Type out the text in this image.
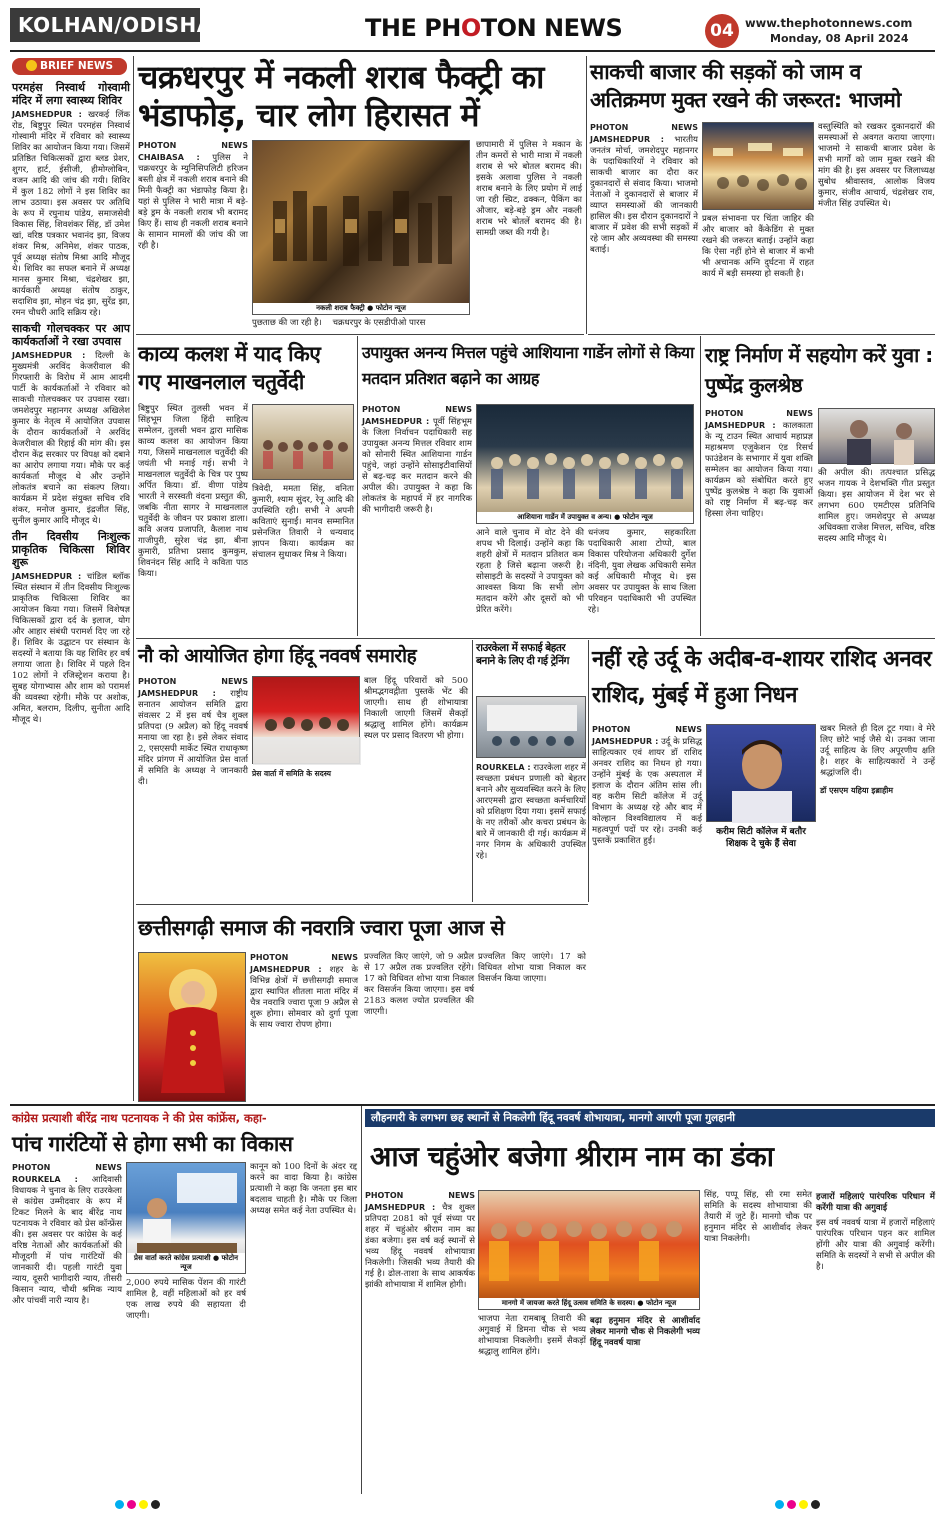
KOLHAN/ODISHA	THE PHOTON NEWS	04 www.thephotonnews.com
Monday, 08 April 2024
BRIEF NEWS
परमहंस निस्वार्थ गोस्वामी मंदिर में लगा स्वास्थ्य शिविर

JAMSHEDPUR : खरकई लिंक रोड, बिष्टुपुर स्थित परमहंस निस्वार्थ गोस्वामी मंदिर में रविवार को स्वास्थ्य शिविर का आयोजन किया गया। जिसमें प्रतिष्ठित चिकित्सकों द्वारा ब्लड प्रेशर, शुगर, हार्ट, ईसीजी, हीमोग्लोबिन, वजन आदि की जांच की गयी। शिविर में कुल 182 लोगों ने इस शिविर का लाभ उठाया। इस अवसर पर अतिथि के रूप में रघुनाथ पांडेय, समाजसेवी विकास सिंह, शिवशंकर सिंह, डॉ उमेश खां, वरिष्ठ पत्रकार भवानंद झा, विजय शंकर मिश्र, अनिमेश, शंकर पाठक, पूर्व अध्यक्ष संतोष मिश्रा आदि मौजूद थे। शिविर का सफल बनाने में अध्यक्ष मानस कुमार मिश्रा, चंद्रशेखर झा, कार्यकारी अध्यक्ष संतोष ठाकुर, सदाशिव झा, मोहन चंद्र झा, सुरेंद्र झा, रमन चौधरी आदि सक्रिय रहे।

साकची गोलचक्कर पर आप कार्यकर्ताओं ने रखा उपवास

JAMSHEDPUR : दिल्ली के मुख्यमंत्री अरविंद केजरीवाल की गिरफ्तारी के विरोध में आम आदमी पार्टी के कार्यकर्ताओं ने रविवार को साकची गोलचक्कर पर उपवास रखा। जमशेदपुर महानगर अध्यक्ष अखिलेश कुमार के नेतृत्व में आयोजित उपवास के दौरान कार्यकर्ताओं ने अरविंद केजरीवाल की रिहाई की मांग की। इस दौरान केंद्र सरकार पर विपक्ष को दबाने का आरोप लगाया गया। मौके पर कई कार्यकर्ता मौजूद थे और उन्होंने लोकतंत्र बचाने का संकल्प लिया। कार्यक्रम में प्रदेश संयुक्त सचिव रवि शंकर, मनोज कुमार, इंद्रजीत सिंह, सुनील कुमार आदि मौजूद थे।

तीन दिवसीय निःशुल्क प्राकृतिक चिकित्सा शिविर शुरू

JAMSHEDPUR : चांडिल ब्लॉक स्थित संस्थान में तीन दिवसीय निःशुल्क प्राकृतिक चिकित्सा शिविर का आयोजन किया गया। जिसमें विशेषज्ञ चिकित्सकों द्वारा दर्द के इलाज, योग और आहार संबंधी परामर्श दिए जा रहे हैं। शिविर के उद्घाटन पर संस्थान के सदस्यों ने बताया कि यह शिविर हर वर्ष लगाया जाता है। शिविर में पहले दिन 102 लोगों ने रजिस्ट्रेशन कराया है। सुबह योगाभ्यास और शाम को परामर्श की व्यवस्था रहेगी। मौके पर अशोक, अमित, बलराम, दिलीप, सुनीता आदि मौजूद थे।

चक्रधरपुर में नकली शराब फैक्ट्री का भंडाफोड़, चार लोग हिरासत में

PHOTON NEWS CHAIBASA : पुलिस ने चक्रधरपुर के म्युनिसिपलिटी हरिजन बस्ती क्षेत्र में नकली शराब बनाने की मिनी फैक्ट्री का भंडाफोड़ किया है। यहां से पुलिस ने भारी मात्रा में बड़े-बड़े ड्रम के नकली शराब भी बरामद किए हैं। साथ ही नकली शराब बनाने के सामान मामलों की जांच की जा रही है।

नकली शराब फैक्ट्री ● फोटोन न्यूज

पुछताछ की जा रही है।    चक्रधरपुर के एसडीपीओ पारस

छापामारी में पुलिस ने मकान के तीन कमरों से भारी मात्रा में नकली शराब से भरे बोतल बरामद की। इसके अलावा पुलिस ने नकली शराब बनाने के लिए प्रयोग में लाई जा रही स्प्रिट, ढक्कन, पैकिंग का औजार, बड़े-बड़े ड्रम और नकली शराब भरे बोतलें बरामद की है। सामग्री जब्त की गयी है।

साकची बाजार की सड़कों को जाम व अतिक्रमण मुक्त रखने की जरूरत: भाजमो

PHOTON NEWS JAMSHEDPUR : भारतीय जनतंत्र मोर्चा, जमशेदपुर महानगर के पदाधिकारियों ने रविवार को साकची बाजार का दौरा कर दुकानदारों से संवाद किया। भाजमो नेताओं ने दुकानदारों से बाजार में व्याप्त समस्याओं की जानकारी हासिल की। इस दौरान दुकानदारों ने बाजार में प्रवेश की सभी सड़कों में रहे जाम और अव्यवस्था की समस्या बताई।

प्रबल संभावना पर चिंता जाहिर की और बाजार को कैंकेडिंग से मुक्त रखने की जरूरत बताई। उन्होंने कहा कि ऐसा नहीं होने से बाजार में कभी भी अचानक अग्नि दुर्घटना में राहत कार्य में बड़ी समस्या हो सकती है।

वस्तुस्थिति को रखकर दुकानदारों की समस्याओं से अवगत कराया जाएगा। भाजमो ने साकची बाजार प्रवेश के सभी मार्गों को जाम मुक्त रखने की मांग की है। इस अवसर पर जिलाध्यक्ष सुबोध श्रीवास्तव, आलोक विजय कुमार, संजीव आचार्य, चंद्रशेखर राव, मंजीत सिंह उपस्थित थे।

काव्य कलश में याद किए गए माखनलाल चतुर्वेदी

बिष्टुपुर स्थित तुलसी भवन में सिंहभूम जिला हिंदी साहित्य सम्मेलन, तुलसी भवन द्वारा मासिक काव्य कलश का आयोजन किया गया, जिसमें माखनलाल चतुर्वेदी की जयंती भी मनाई गई। सभी ने माखनलाल चतुर्वेदी के चित्र पर पुष्प अर्पित किया। डॉ. वीणा पांडेय भारती ने सरस्वती वंदना प्रस्तुत की, जबकि नीता सागर ने माखनलाल चतुर्वेदी के जीवन पर प्रकाश डाला। कवि अजय प्रजापति, कैलाश नाथ गाजीपुरी, सुरेश चंद्र झा, बीना कुमारी, प्रतिभा प्रसाद कुमकुम, शिवनंदन सिंह आदि ने कविता पाठ किया।

त्रिवेदी, ममता सिंह, वनिता कुमारी, श्याम सुंदर, रेनू आदि की उपस्थिति रही। सभी ने अपनी कविताएं सुनाईं। मानव सम्मानित प्रसेनजित तिवारी ने धन्यवाद ज्ञापन किया। कार्यक्रम का संचालन सुधाकर मिश्र ने किया।

उपायुक्त अनन्य मित्तल पहुंचे आशियाना गार्डेन लोगों से किया मतदान प्रतिशत बढ़ाने का आग्रह

PHOTON NEWS JAMSHEDPUR : पूर्वी सिंहभूम के जिला निर्वाचन पदाधिकारी सह उपायुक्त अनन्य मित्तल रविवार शाम को सोनारी स्थित आशियाना गार्डन पहुंचे, जहां उन्होंने सोसाइटीवासियों से बढ़-चढ़ कर मतदान करने की अपील की। उपायुक्त ने कहा कि लोकतंत्र के महापर्व में हर नागरिक की भागीदारी जरूरी है।

आशियाना गार्डेन में उपायुक्त व अन्य। ● फोटोन न्यूज

आने वाले चुनाव में वोट देने की शपथ भी दिलाई। उन्होंने कहा कि शहरी क्षेत्रों में मतदान प्रतिशत कम रहता है जिसे बढ़ाना जरूरी है। सोसाइटी के सदस्यों ने उपायुक्त को आश्वस्त किया कि सभी लोग मतदान करेंगे और दूसरों को भी प्रेरित करेंगे।

धनंजय कुमार, सहकारिता पदाधिकारी आशा टोप्पो, बाल विकास परियोजना अधिकारी दुर्गेश नंदिनी, युवा लेखक अधिकारी समेत कई अधिकारी मौजूद थे। इस अवसर पर उपायुक्त के साथ जिला परिवहन पदाधिकारी भी उपस्थित रहे।

राष्ट्र निर्माण में सहयोग करें युवा : पुष्पेंद्र कुलश्रेष्ठ

PHOTON NEWS JAMSHEDPUR : कालकाता के न्यू टाउन स्थित आचार्य महाप्रज्ञ महाश्रमण एजुकेशन एंड रिसर्च फाउंडेशन के सभागार में युवा शक्ति सम्मेलन का आयोजन किया गया। कार्यक्रम को संबोधित करते हुए पुष्पेंद्र कुलश्रेष्ठ ने कहा कि युवाओं को राष्ट्र निर्माण में बढ़-चढ़ कर हिस्सा लेना चाहिए।

की अपील की। तत्पश्चात प्रसिद्ध भजन गायक ने देशभक्ति गीत प्रस्तुत किया। इस आयोजन में देश भर से लगभग 600 एमटीएस प्रतिनिधि शामिल हुए। जमशेदपुर से अध्यक्ष अधिवक्ता राजेश मित्तल, सचिव, वरिष्ठ सदस्य आदि मौजूद थे।

नौ को आयोजित होगा हिंदू नववर्ष समारोह

PHOTON NEWS JAMSHEDPUR : राष्ट्रीय सनातन आयोजन समिति द्वारा संवत्सर 2 में इस वर्ष चैत्र शुक्ल प्रतिपदा (9 अप्रैल) को हिंदू नववर्ष मनाया जा रहा है। इसे लेकर संवाद 2, एसएसपी मार्केट स्थित राधाकृष्ण मंदिर प्रांगण में आयोजित प्रेस वार्ता में समिति के अध्यक्ष ने जानकारी दी।

प्रेस वार्ता में समिति के सदस्य

बाल हिंदू परिवारों को 500 श्रीमद्भगवद्गीता पुस्तकें भेंट की जाएगी। साथ ही शोभायात्रा निकाली जाएगी जिसमें सैकड़ों श्रद्धालु शामिल होंगे। कार्यक्रम स्थल पर प्रसाद वितरण भी होगा।

राउरकेला में सफाई बेहतर बनाने के लिए दी गई ट्रेनिंग

ROURKELA : राउरकेला शहर में स्वच्छता प्रबंधन प्रणाली को बेहतर बनाने और सुव्यवस्थित करने के लिए आरएमसी द्वारा स्वच्छता कर्मचारियों को प्रशिक्षण दिया गया। इसमें सफाई के नए तरीकों और कचरा प्रबंधन के बारे में जानकारी दी गई। कार्यक्रम में नगर निगम के अधिकारी उपस्थित रहे।

नहीं रहे उर्दू के अदीब-व-शायर राशिद अनवर राशिद, मुंबई में हुआ निधन

PHOTON NEWS JAMSHEDPUR : उर्दू के प्रसिद्ध साहित्यकार एवं शायर डॉ राशिद अनवर राशिद का निधन हो गया। उन्होंने मुंबई के एक अस्पताल में इलाज के दौरान अंतिम सांस ली। वह करीम सिटी कॉलेज में उर्दू विभाग के अध्यक्ष रहे और बाद में कोल्हान विश्वविद्यालय में कई महत्वपूर्ण पदों पर रहे। उनकी कई पुस्तकें प्रकाशित हुईं।

करीम सिटी कॉलेज में बतौर शिक्षक दे चुके हैं सेवा

खबर मिलते ही दिल टूट गया। वे मेरे लिए छोटे भाई जैसे थे। उनका जाना उर्दू साहित्य के लिए अपूरणीय क्षति है। शहर के साहित्यकारों ने उन्हें श्रद्धांजलि दी।

डॉ एसएम यहिया इब्राहीम

छत्तीसगढ़ी समाज की नवरात्रि ज्वारा पूजा आज से

PHOTON NEWS JAMSHEDPUR : शहर के विभिन्न क्षेत्रों में छत्तीसगढ़ी समाज द्वारा स्थापित शीतला माता मंदिर में चैत्र नवरात्रि ज्वारा पूजा 9 अप्रैल से शुरू होगा। सोमवार को दुर्गा पूजा के साथ ज्वारा रोपण होगा।

प्रज्वलित किए जाएंगे, जो 9 अप्रैल से 17 अप्रैल तक प्रज्वलित रहेंगे। 17 को विधिवत शोभा यात्रा निकाल कर विसर्जन किया जाएगा। इस वर्ष 2183 कलश ज्योत प्रज्वलित की जाएगी।

प्रज्वलित किए जाएंगे। 17 को विधिवत शोभा यात्रा निकाल कर विसर्जन किया जाएगा।

कांग्रेस प्रत्याशी बीरेंद्र नाथ पटनायक ने की प्रेस कांफ्रेंस, कहा-
पांच गारंटियों से होगा सभी का विकास

PHOTON NEWS ROURKELA : आदिवासी विधायक ने चुनाव के लिए राउरकेला से कांग्रेस उम्मीदवार के रूप में टिकट मिलने के बाद बीरेंद्र नाथ पटनायक ने रविवार को प्रेस कॉन्फ्रेंस की। इस अवसर पर कांग्रेस के कई वरिष्ठ नेताओं और कार्यकर्ताओं की मौजूदगी में पांच गारंटियों की जानकारी दी। पहली गारंटी युवा न्याय, दूसरी भागीदारी न्याय, तीसरी किसान न्याय, चौथी श्रमिक न्याय और पांचवीं नारी न्याय है।

प्रेस वार्ता करते कांग्रेस प्रत्याशी ● फोटोन न्यूज

2,000 रुपये मासिक पेंशन की गारंटी शामिल है, वहीं महिलाओं को हर वर्ष एक लाख रुपये की सहायता दी जाएगी।

कानून को 100 दिनों के अंदर रद्द करने का वादा किया है। कांग्रेस प्रत्याशी ने कहा कि जनता इस बार बदलाव चाहती है। मौके पर जिला अध्यक्ष समेत कई नेता उपस्थित थे।

लौहनगरी के लगभग छह स्थानों से निकलेगी हिंदू नववर्ष शोभायात्रा, मानगो आएगी पूजा गुलहानी
आज चहुंओर बजेगा श्रीराम नाम का डंका

PHOTON NEWS JAMSHEDPUR : चैत्र शुक्ल प्रतिपदा 2081 को पूर्व संध्या पर शहर में चहुंओर श्रीराम नाम का डंका बजेगा। इस वर्ष कई स्थानों से भव्य हिंदू नववर्ष शोभायात्रा निकलेगी। जिसकी भव्य तैयारी की गई है। ढोल-ताशा के साथ आकर्षक झांकी शोभायात्रा में शामिल होगी।

मानगो में जायजा करते हिंदू उत्सव समिति के सदस्य। ● फोटोन न्यूज

भाजपा नेता रामबाबू तिवारी की अगुवाई में डिमना चौक से भव्य शोभायात्रा निकलेगी। इसमें सैकड़ों श्रद्धालु शामिल होंगे।

बढ़ा हनुमान मंदिर से आशीर्वाद लेकर मानगो चौक से निकलेगी भव्य हिंदू नववर्ष यात्रा

सिंह, पप्पू सिंह, सी रमा समेत समिति के सदस्य शोभायात्रा की तैयारी में जुटे हैं। मानगो चौक पर हनुमान मंदिर से आशीर्वाद लेकर यात्रा निकलेगी।

हजारों महिलाएं पारंपरिक परिधान में करेंगी यात्रा की अगुवाई

इस वर्ष नववर्ष यात्रा में हजारों महिलाएं पारंपरिक परिधान पहन कर शामिल होंगी और यात्रा की अगुवाई करेंगी। समिति के सदस्यों ने सभी से अपील की है।
